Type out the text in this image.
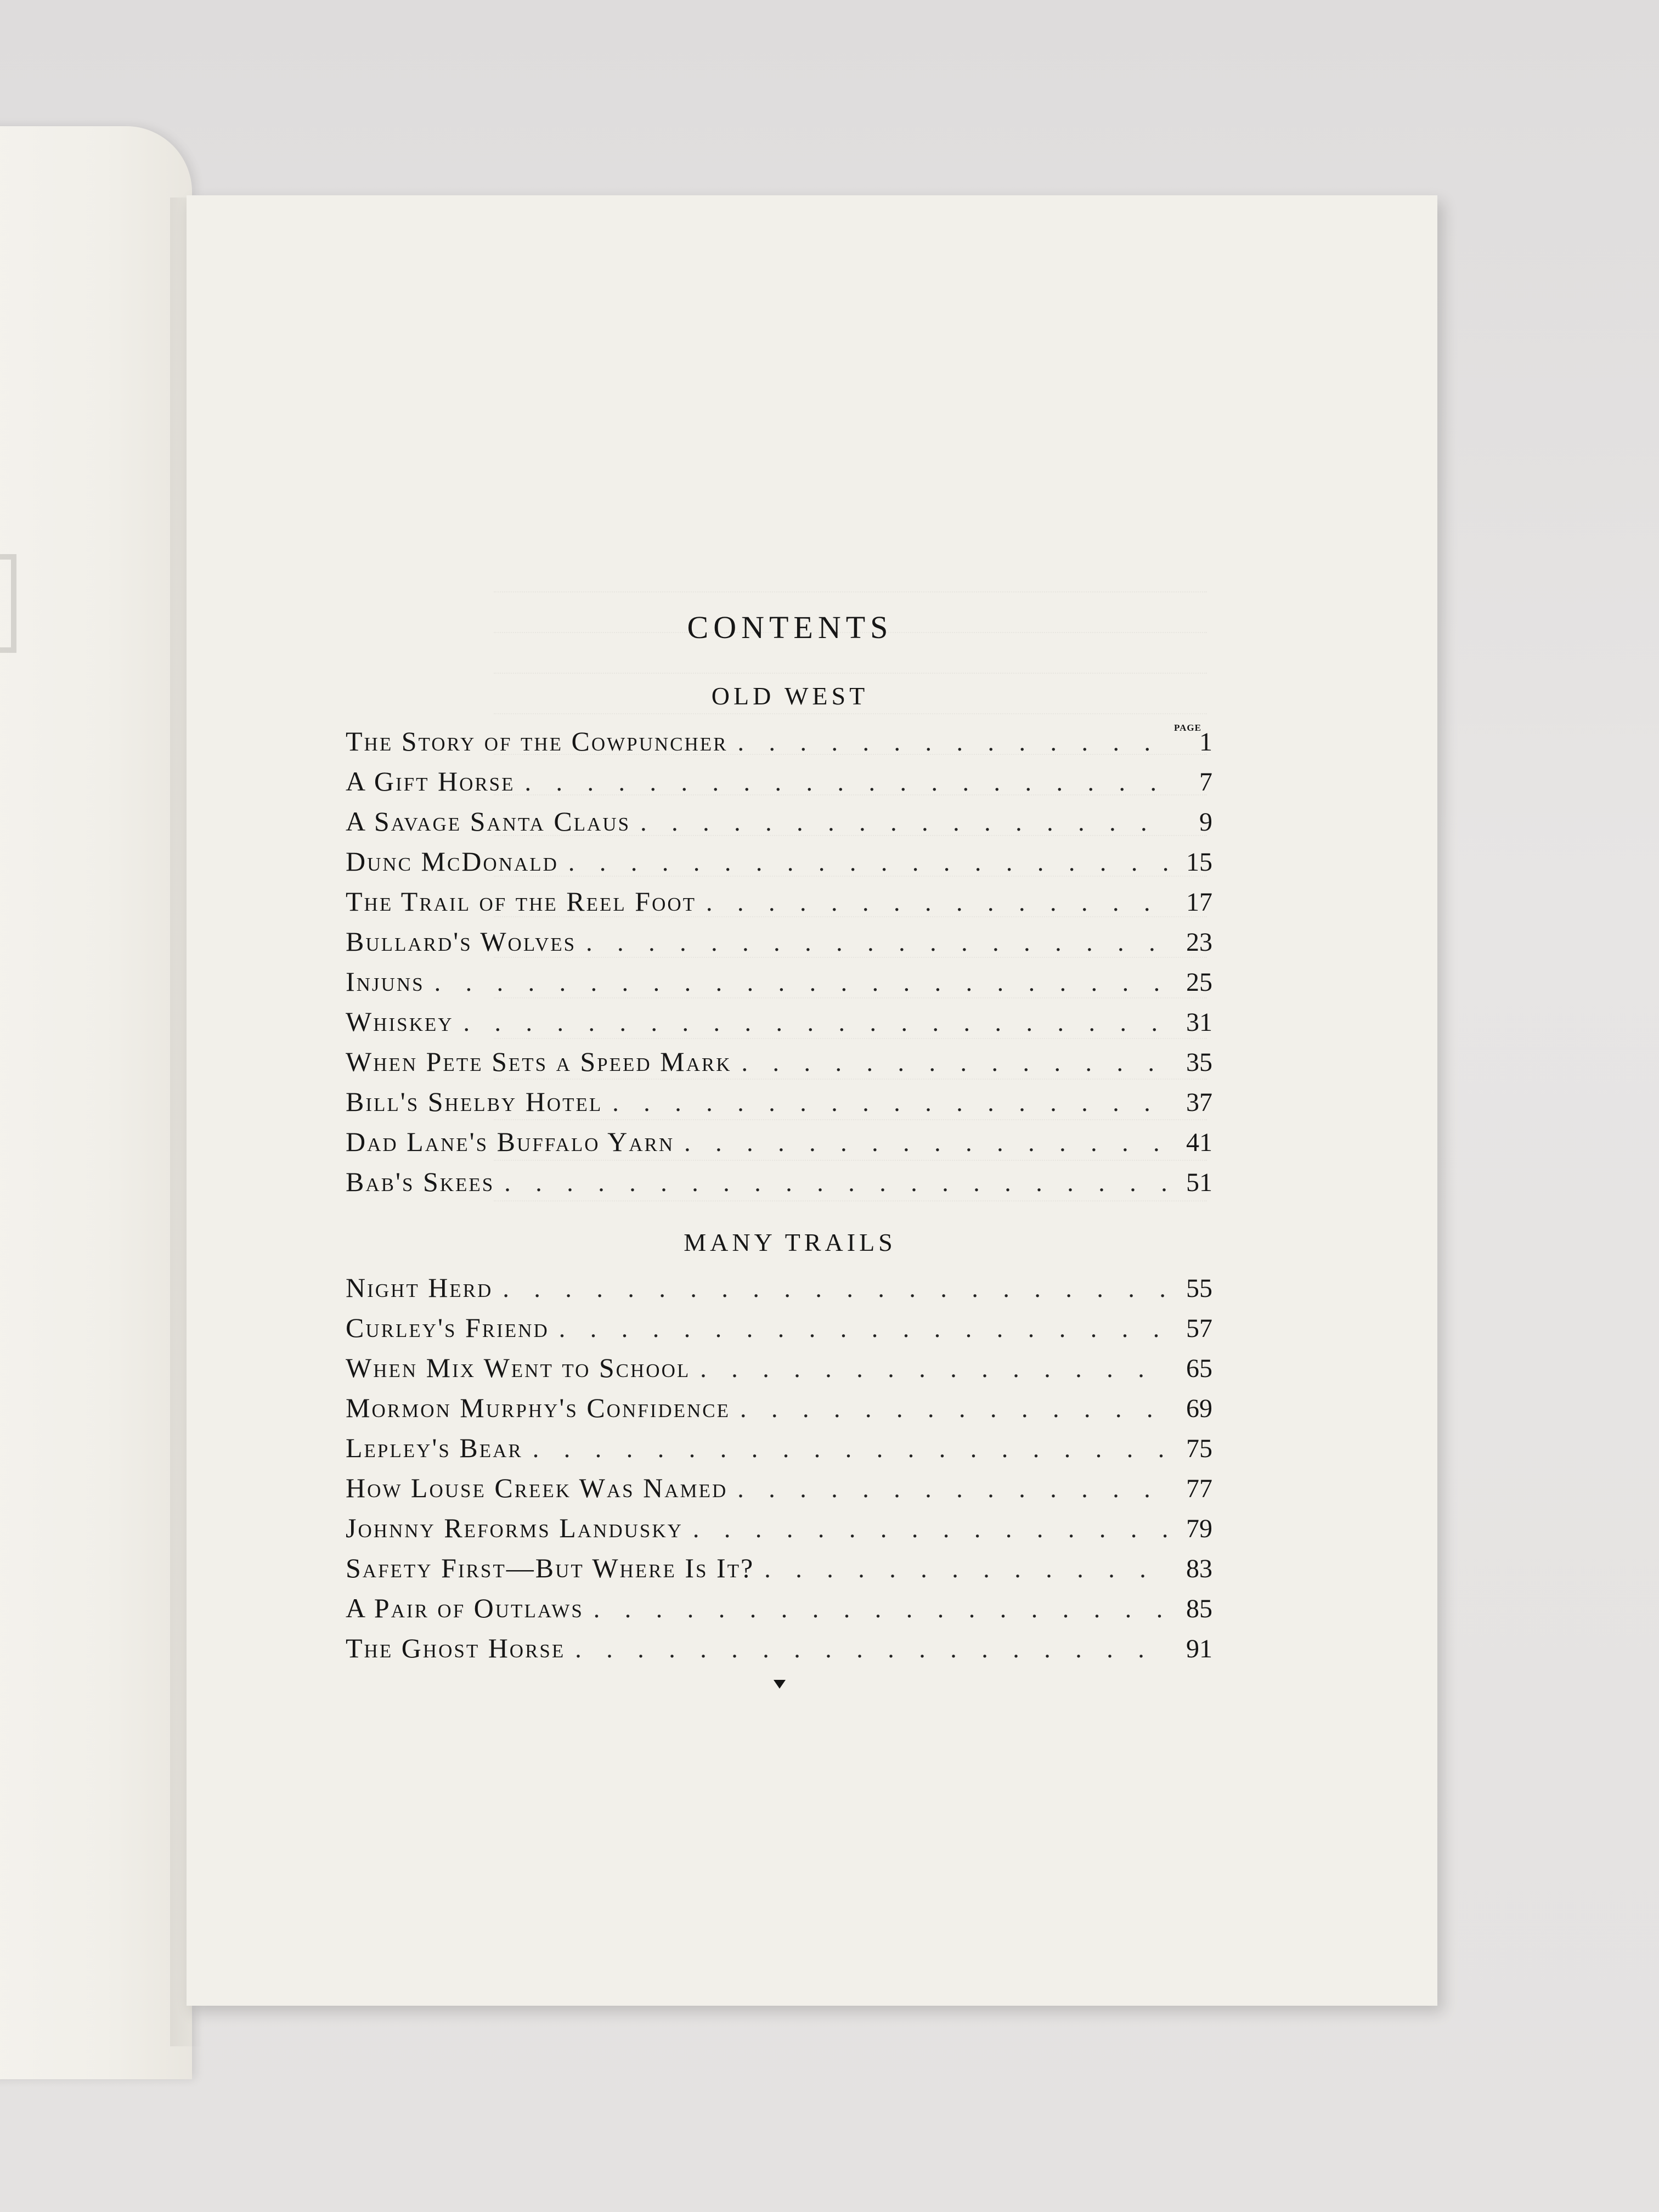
CONTENTS
OLD WEST
PAGE
The Story of the Cowpuncher . . .	1
A Gift Horse . . .	7
A Savage Santa Claus . . .	9
Dunc McDonald . . .	15
The Trail of the Reel Foot . . .	17
Bullard's Wolves . . .	23
Injuns . . .	25
Whiskey . . .	31
When Pete Sets a Speed Mark . . .	35
Bill's Shelby Hotel . . .	37
Dad Lane's Buffalo Yarn . . .	41
Bab's Skees . . .	51
MANY TRAILS
Night Herd . . .	55
Curley's Friend . . .	57
When Mix Went to School . . .	65
Mormon Murphy's Confidence . . .	69
Lepley's Bear . . .	75
How Louse Creek Was Named . . .	77
Johnny Reforms Landusky . . .	79
Safety First—But Where Is It? . . .	83
A Pair of Outlaws . . .	85
The Ghost Horse . . .	91
